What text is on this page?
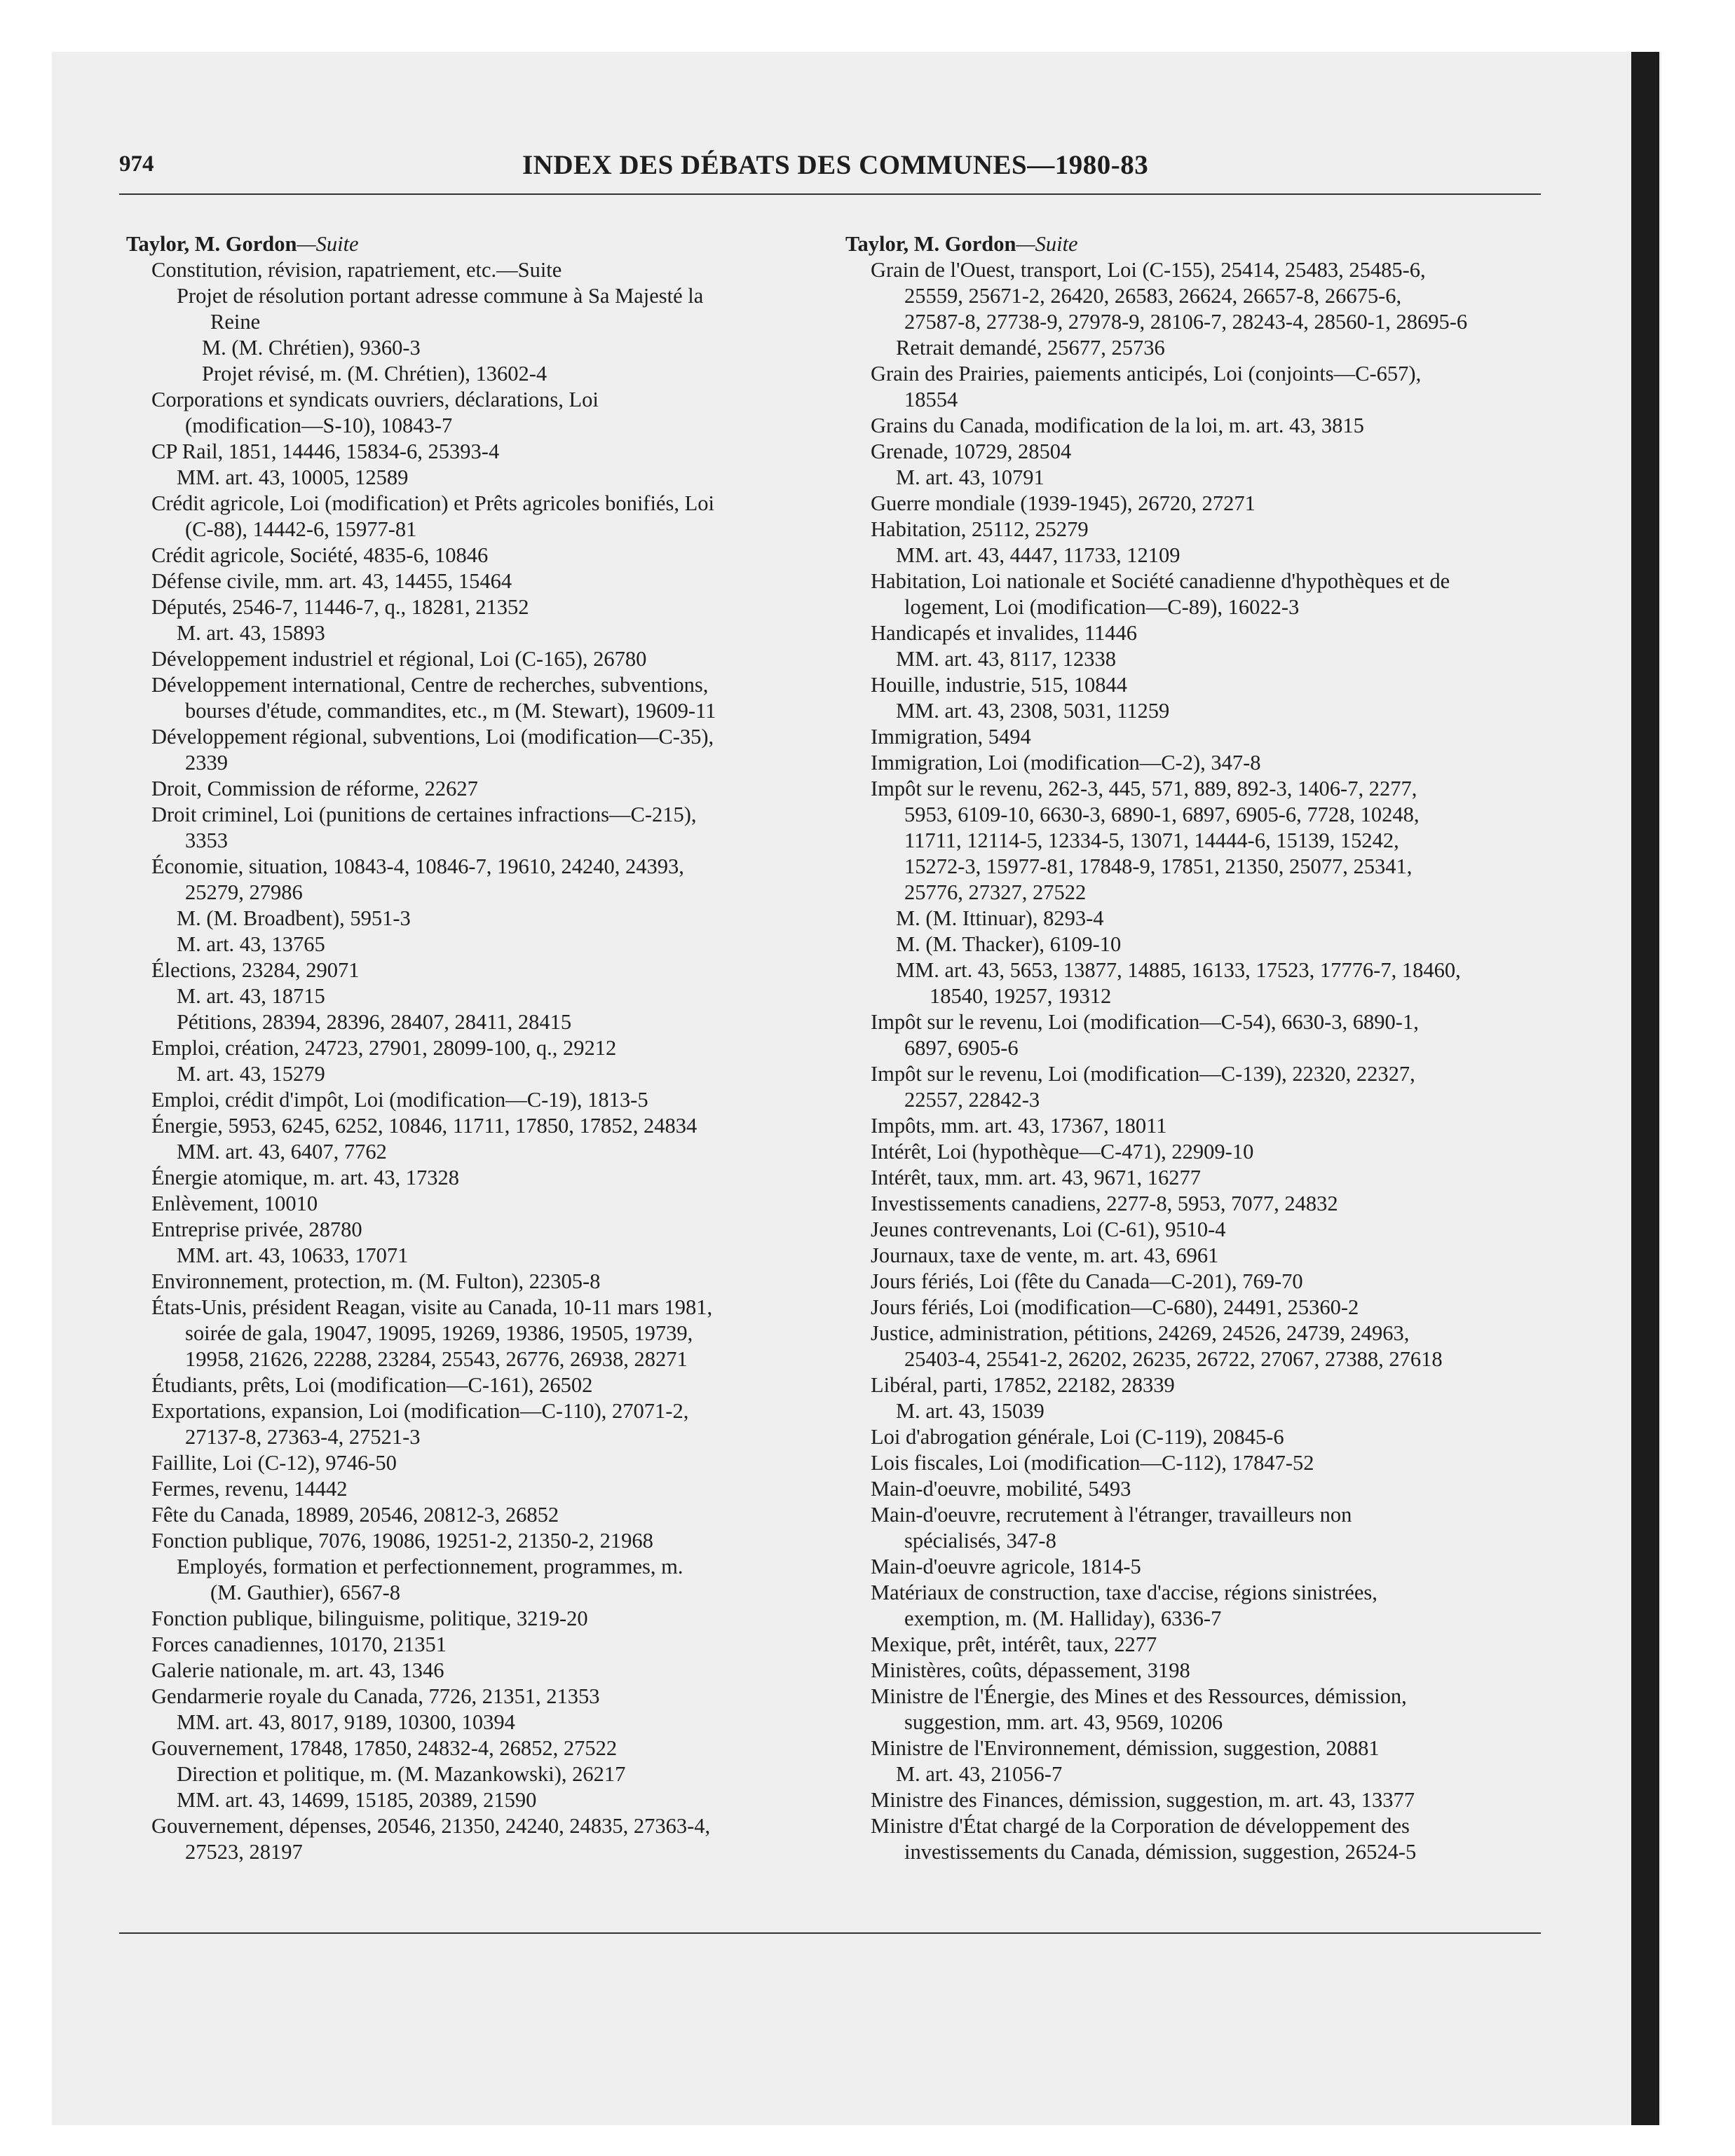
974	INDEX DES DÉBATS DES COMMUNES—1980-83

Taylor, M. Gordon—Suite

Constitution, révision, rapatriement, etc.—Suite
Projet de résolution portant adresse commune à Sa Majesté la
Reine
M. (M. Chrétien), 9360-3
Projet révisé, m. (M. Chrétien), 13602-4
Corporations et syndicats ouvriers, déclarations, Loi
(modification—S-10), 10843-7
CP Rail, 1851, 14446, 15834-6, 25393-4
MM. art. 43, 10005, 12589
Crédit agricole, Loi (modification) et Prêts agricoles bonifiés, Loi
(C-88), 14442-6, 15977-81
Crédit agricole, Société, 4835-6, 10846
Défense civile, mm. art. 43, 14455, 15464
Députés, 2546-7, 11446-7, q., 18281, 21352
M. art. 43, 15893
Développement industriel et régional, Loi (C-165), 26780
Développement international, Centre de recherches, subventions,
bourses d'étude, commandites, etc., m (M. Stewart), 19609-11
Développement régional, subventions, Loi (modification—C-35),
2339
Droit, Commission de réforme, 22627
Droit criminel, Loi (punitions de certaines infractions—C-215),
3353
Économie, situation, 10843-4, 10846-7, 19610, 24240, 24393,
25279, 27986
M. (M. Broadbent), 5951-3
M. art. 43, 13765
Élections, 23284, 29071
M. art. 43, 18715
Pétitions, 28394, 28396, 28407, 28411, 28415
Emploi, création, 24723, 27901, 28099-100, q., 29212
M. art. 43, 15279
Emploi, crédit d'impôt, Loi (modification—C-19), 1813-5
Énergie, 5953, 6245, 6252, 10846, 11711, 17850, 17852, 24834
MM. art. 43, 6407, 7762
Énergie atomique, m. art. 43, 17328
Enlèvement, 10010
Entreprise privée, 28780
MM. art. 43, 10633, 17071
Environnement, protection, m. (M. Fulton), 22305-8
États-Unis, président Reagan, visite au Canada, 10-11 mars 1981,
soirée de gala, 19047, 19095, 19269, 19386, 19505, 19739,
19958, 21626, 22288, 23284, 25543, 26776, 26938, 28271
Étudiants, prêts, Loi (modification—C-161), 26502
Exportations, expansion, Loi (modification—C-110), 27071-2,
27137-8, 27363-4, 27521-3
Faillite, Loi (C-12), 9746-50
Fermes, revenu, 14442
Fête du Canada, 18989, 20546, 20812-3, 26852
Fonction publique, 7076, 19086, 19251-2, 21350-2, 21968
Employés, formation et perfectionnement, programmes, m.
(M. Gauthier), 6567-8
Fonction publique, bilinguisme, politique, 3219-20
Forces canadiennes, 10170, 21351
Galerie nationale, m. art. 43, 1346
Gendarmerie royale du Canada, 7726, 21351, 21353
MM. art. 43, 8017, 9189, 10300, 10394
Gouvernement, 17848, 17850, 24832-4, 26852, 27522
Direction et politique, m. (M. Mazankowski), 26217
MM. art. 43, 14699, 15185, 20389, 21590
Gouvernement, dépenses, 20546, 21350, 24240, 24835, 27363-4,
27523, 28197

Taylor, M. Gordon—Suite

Grain de l'Ouest, transport, Loi (C-155), 25414, 25483, 25485-6,
25559, 25671-2, 26420, 26583, 26624, 26657-8, 26675-6,
27587-8, 27738-9, 27978-9, 28106-7, 28243-4, 28560-1, 28695-6
Retrait demandé, 25677, 25736
Grain des Prairies, paiements anticipés, Loi (conjoints—C-657),
18554
Grains du Canada, modification de la loi, m. art. 43, 3815
Grenade, 10729, 28504
M. art. 43, 10791
Guerre mondiale (1939-1945), 26720, 27271
Habitation, 25112, 25279
MM. art. 43, 4447, 11733, 12109
Habitation, Loi nationale et Société canadienne d'hypothèques et de
logement, Loi (modification—C-89), 16022-3
Handicapés et invalides, 11446
MM. art. 43, 8117, 12338
Houille, industrie, 515, 10844
MM. art. 43, 2308, 5031, 11259
Immigration, 5494
Immigration, Loi (modification—C-2), 347-8
Impôt sur le revenu, 262-3, 445, 571, 889, 892-3, 1406-7, 2277,
5953, 6109-10, 6630-3, 6890-1, 6897, 6905-6, 7728, 10248,
11711, 12114-5, 12334-5, 13071, 14444-6, 15139, 15242,
15272-3, 15977-81, 17848-9, 17851, 21350, 25077, 25341,
25776, 27327, 27522
M. (M. Ittinuar), 8293-4
M. (M. Thacker), 6109-10
MM. art. 43, 5653, 13877, 14885, 16133, 17523, 17776-7, 18460,
18540, 19257, 19312
Impôt sur le revenu, Loi (modification—C-54), 6630-3, 6890-1,
6897, 6905-6
Impôt sur le revenu, Loi (modification—C-139), 22320, 22327,
22557, 22842-3
Impôts, mm. art. 43, 17367, 18011
Intérêt, Loi (hypothèque—C-471), 22909-10
Intérêt, taux, mm. art. 43, 9671, 16277
Investissements canadiens, 2277-8, 5953, 7077, 24832
Jeunes contrevenants, Loi (C-61), 9510-4
Journaux, taxe de vente, m. art. 43, 6961
Jours fériés, Loi (fête du Canada—C-201), 769-70
Jours fériés, Loi (modification—C-680), 24491, 25360-2
Justice, administration, pétitions, 24269, 24526, 24739, 24963,
25403-4, 25541-2, 26202, 26235, 26722, 27067, 27388, 27618
Libéral, parti, 17852, 22182, 28339
M. art. 43, 15039
Loi d'abrogation générale, Loi (C-119), 20845-6
Lois fiscales, Loi (modification—C-112), 17847-52
Main-d'oeuvre, mobilité, 5493
Main-d'oeuvre, recrutement à l'étranger, travailleurs non
spécialisés, 347-8
Main-d'oeuvre agricole, 1814-5
Matériaux de construction, taxe d'accise, régions sinistrées,
exemption, m. (M. Halliday), 6336-7
Mexique, prêt, intérêt, taux, 2277
Ministères, coûts, dépassement, 3198
Ministre de l'Énergie, des Mines et des Ressources, démission,
suggestion, mm. art. 43, 9569, 10206
Ministre de l'Environnement, démission, suggestion, 20881
M. art. 43, 21056-7
Ministre des Finances, démission, suggestion, m. art. 43, 13377
Ministre d'État chargé de la Corporation de développement des
investissements du Canada, démission, suggestion, 26524-5
